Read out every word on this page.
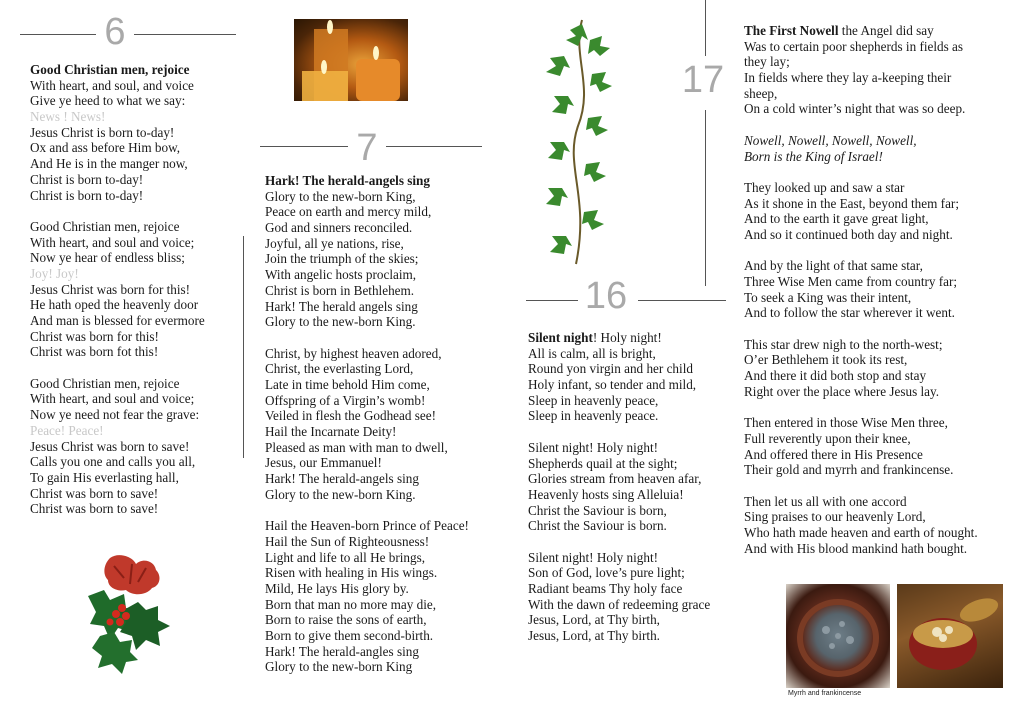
6
Good Christian men, rejoice
With heart, and soul, and voice
Give ye heed to what we say:
News ! News!
Jesus Christ is born to-day!
Ox and ass before Him bow,
And He is in the manger now,
Christ is born to-day!
Christ is born to-day!
Good Christian men, rejoice
With heart, and soul and voice;
Now ye hear of endless bliss;
Joy! Joy!
Jesus Christ was born for this!
He hath oped the heavenly door
And man is blessed for evermore
Christ was born for this!
Christ was born fot this!
Good Christian men, rejoice
With heart, and soul and voice;
Now ye need not fear the grave:
Peace! Peace!
Jesus Christ was born to save!
Calls you one and calls you all,
To gain His everlasting hall,
Christ was born to save!
Christ was born to save!
7
Hark! The herald-angels sing
Glory to the new-born King,
Peace on earth and mercy mild,
God and sinners reconciled.
Joyful, all ye nations, rise,
Join the triumph of the skies;
With angelic hosts proclaim,
Christ is born in Bethlehem.
Hark! The herald angels sing
Glory to the new-born King.
Christ, by highest heaven adored,
Christ, the everlasting Lord,
Late in time behold Him come,
Offspring of a Virgin’s womb!
Veiled in flesh the Godhead see!
Hail the Incarnate Deity!
Pleased as man with man to dwell,
Jesus, our Emmanuel!
Hark! The herald-angels sing
Glory to the new-born King.
Hail the Heaven-born Prince of Peace!
Hail the Sun of Righteousness!
Light and life to all He brings,
Risen with healing in His wings.
Mild, He lays His glory by.
Born that man no more may die,
Born to raise the sons of earth,
Born to give them second-birth.
Hark! The herald-angles sing
Glory to the new-born King
16
Silent night! Holy night!
All is calm, all is bright,
Round yon virgin and her child
Holy infant, so tender and mild,
Sleep in heavenly peace,
Sleep in heavenly peace.
Silent night! Holy night!
Shepherds quail at the sight;
Glories stream from heaven afar,
Heavenly hosts sing Alleluia!
Christ the Saviour is born,
Christ the Saviour is born.
Silent night! Holy night!
Son of God, love’s pure light;
Radiant beams Thy holy face
With the dawn of redeeming grace
Jesus, Lord, at Thy birth,
Jesus, Lord, at Thy birth.
17
The First Nowell the Angel did say
Was to certain poor shepherds in fields as
they lay;
In fields where they lay a-keeping their
sheep,
On a cold winter’s night that was so deep.
Nowell, Nowell, Nowell, Nowell,
Born is the King of Israel!
They looked up and saw a star
As it shone in the East, beyond them far;
And to the earth it gave great light,
And so it continued both day and night.
And by the light of that same star,
Three Wise Men came from country far;
To seek a King was their intent,
And to follow the star wherever it went.
This star drew nigh to the north-west;
O’er Bethlehem it took its rest,
And there it did both stop and stay
Right over the place where Jesus lay.
Then entered in those Wise Men three,
Full reverently upon their knee,
And offered there in His Presence
Their gold and myrrh and frankincense.
Then let us all with one accord
Sing praises to our heavenly Lord,
Who hath made heaven and earth of nought.
And with His blood mankind hath bought.
Myrrh and frankincense
